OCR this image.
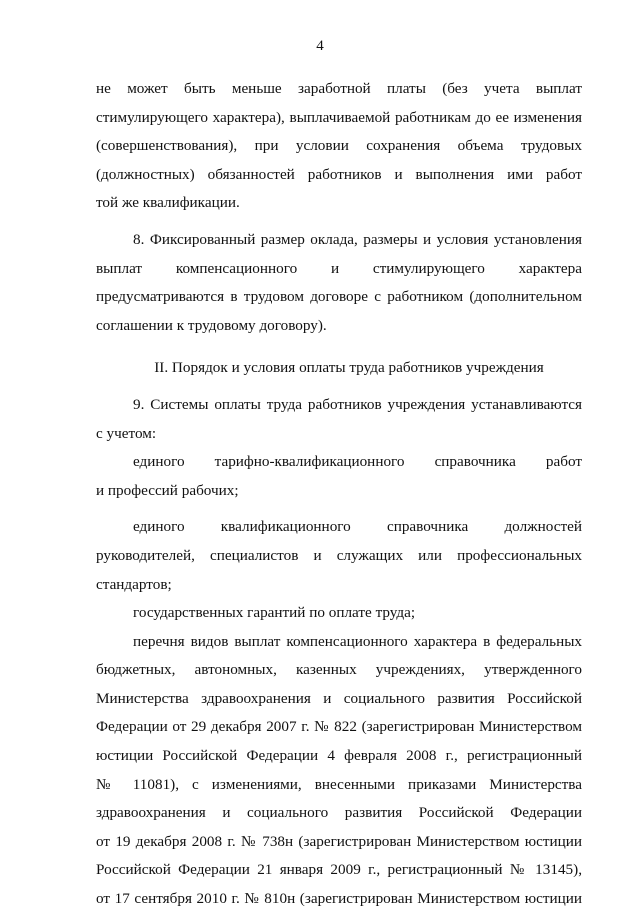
4
не может быть меньше заработной платы (без учета выплат
стимулирующего характера), выплачиваемой работникам до ее изменения
(совершенствования), при условии сохранения объема трудовых
(должностных) обязанностей работников и выполнения ими работ
той же квалификации.
8. Фиксированный размер оклада, размеры и условия установления
выплат компенсационного и стимулирующего характера
предусматриваются в трудовом договоре с работником (дополнительном
соглашении к трудовому договору).
II. Порядок и условия оплаты труда работников учреждения
9. Системы оплаты труда работников учреждения устанавливаются
с учетом:
единого тарифно-квалификационного справочника работ
и профессий рабочих;
единого квалификационного справочника должностей
руководителей, специалистов и служащих или профессиональных
стандартов;
государственных гарантий по оплате труда;
перечня видов выплат компенсационного характера в федеральных
бюджетных, автономных, казенных учреждениях, утвержденного
Министерства здравоохранения и социального развития Российской
Федерации от 29 декабря 2007 г. № 822 (зарегистрирован Министерством
юстиции Российской Федерации 4 февраля 2008 г., регистрационный
№ 11081), с изменениями, внесенными приказами Министерства
здравоохранения и социального развития Российской Федерации
от 19 декабря 2008 г. № 738н (зарегистрирован Министерством юстиции
Российской Федерации 21 января 2009 г., регистрационный № 13145),
от 17 сентября 2010 г. № 810н (зарегистрирован Министерством юстиции
